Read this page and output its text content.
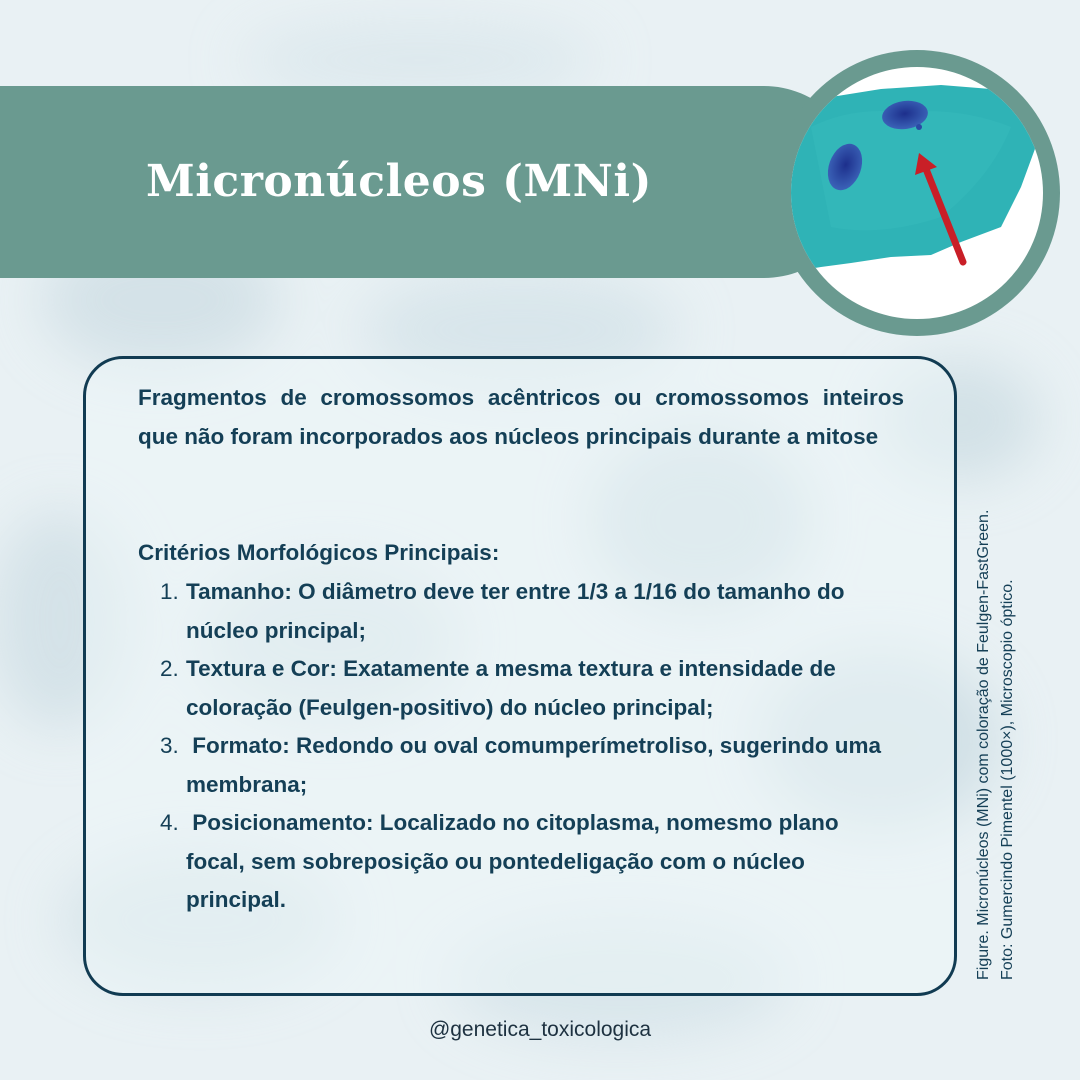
Micronúcleos (MNi)

Fragmentos de cromossomos acêntricos ou cromossomos inteiros que não foram incorporados aos núcleos principais durante a mitose

Critérios Morfológicos Principais:

1. Tamanho: O diâmetro deve ter entre 1/3 a 1/16 do tamanho do núcleo principal;
2. Textura e Cor: Exatamente a mesma textura e intensidade de coloração (Feulgen-positivo) do núcleo principal;
3. Formato: Redondo ou oval comumperímetroliso, sugerindo uma membrana;
4. Posicionamento: Localizado no citoplasma, nomesmo plano focal, sem sobreposição ou pontedeligação com o núcleo principal.	Figure. Micronúcleos (MNi) com coloração de Feulgen-FastGreen. Foto: Gumercindo Pimentel (1000×), Microscopio óptico.
@genetica_toxicologica
